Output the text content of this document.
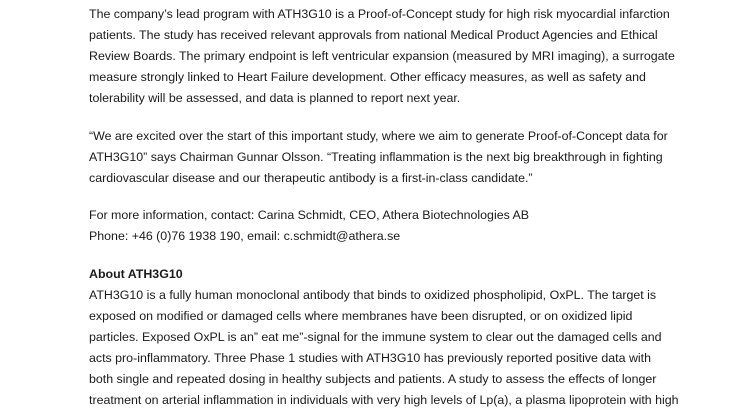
The company’s lead program with ATH3G10 is a Proof-of-Concept study for high risk myocardial infarction
patients. The study has received relevant approvals from national Medical Product Agencies and Ethical
Review Boards. The primary endpoint is left ventricular expansion (measured by MRI imaging), a surrogate
measure strongly linked to Heart Failure development. Other efficacy measures, as well as safety and
tolerability will be assessed, and data is planned to report next year.
“We are excited over the start of this important study, where we aim to generate Proof-of-Concept data for
ATH3G10” says Chairman Gunnar Olsson. “Treating inflammation is the next big breakthrough in fighting
cardiovascular disease and our therapeutic antibody is a first-in-class candidate.”
For more information, contact: Carina Schmidt, CEO, Athera Biotechnologies AB
Phone: +46 (0)76 1938 190, email: c.schmidt@athera.se
About ATH3G10
ATH3G10 is a fully human monoclonal antibody that binds to oxidized phospholipid, OxPL. The target is
exposed on modified or damaged cells where membranes have been disrupted, or on oxidized lipid
particles. Exposed OxPL is an” eat me”-signal for the immune system to clear out the damaged cells and
acts pro-inflammatory. Three Phase 1 studies with ATH3G10 has previously reported positive data with
both single and repeated dosing in healthy subjects and patients. A study to assess the effects of longer
treatment on arterial inflammation in individuals with very high levels of Lp(a), a plasma lipoprotein with high
